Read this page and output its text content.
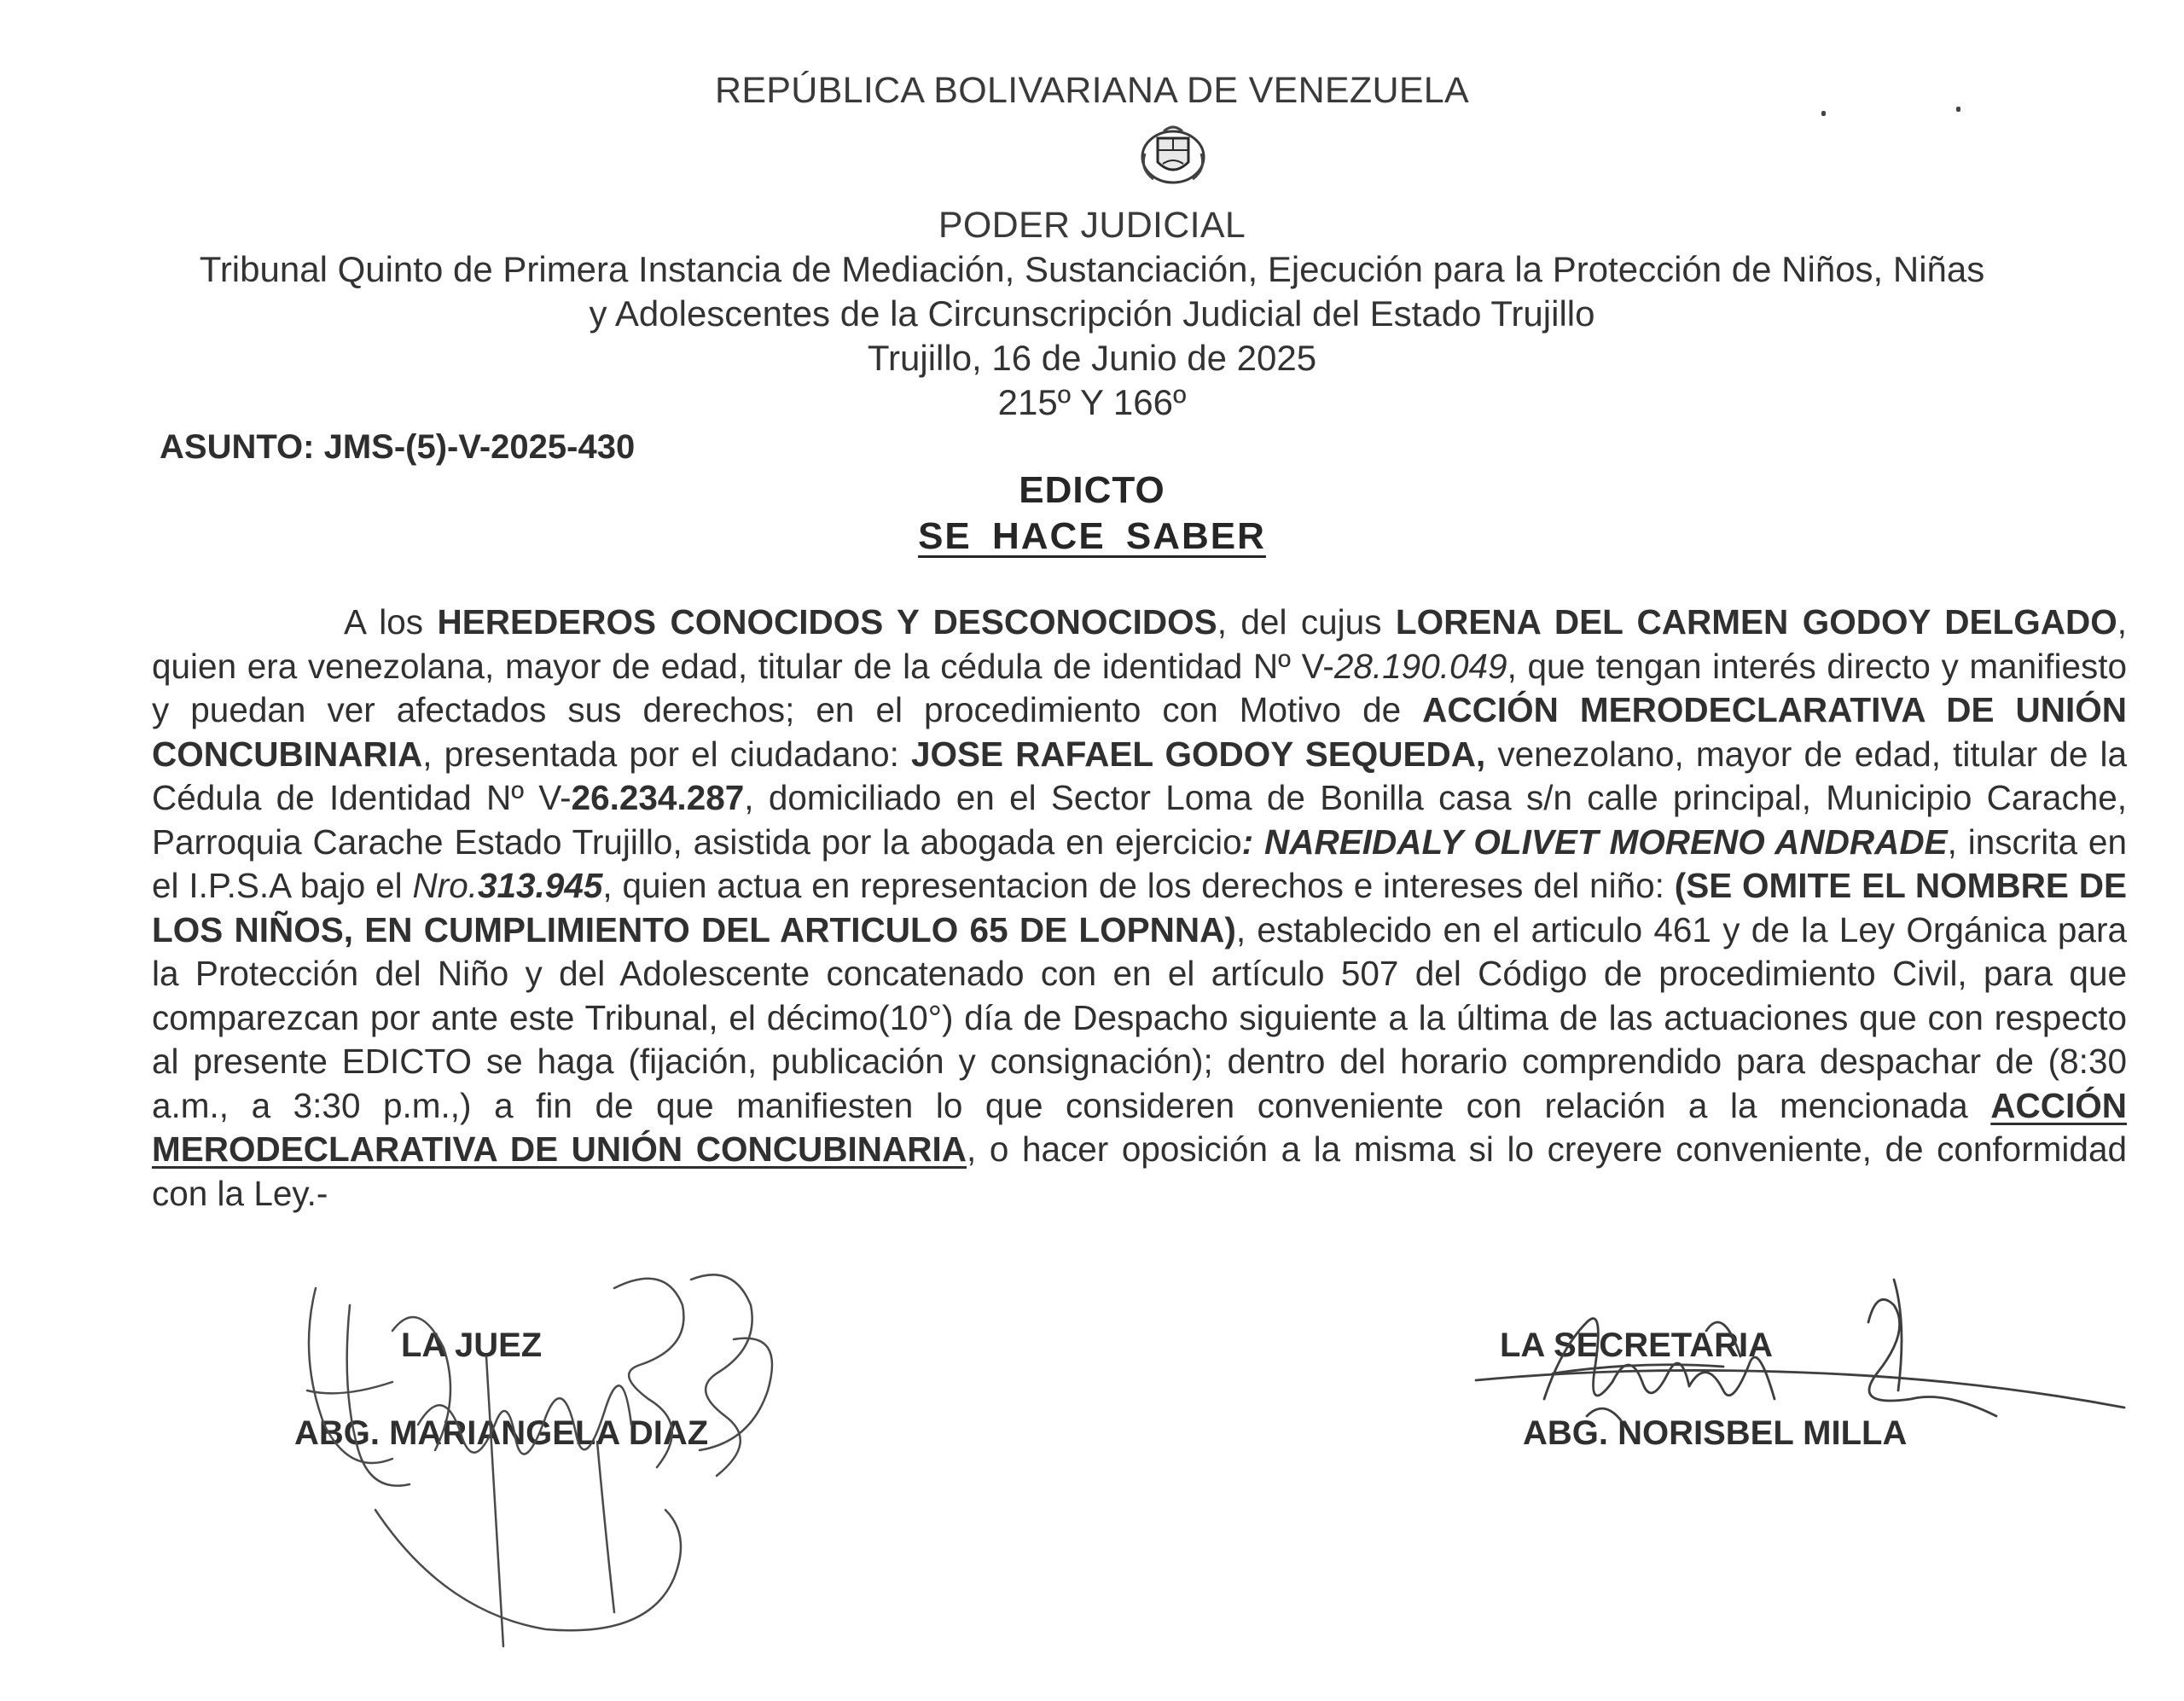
REPÚBLICA BOLIVARIANA DE VENEZUELA
PODER JUDICIAL
Tribunal Quinto de Primera Instancia de Mediación, Sustanciación, Ejecución para la Protección de Niños, Niñas
y Adolescentes de la Circunscripción Judicial del Estado Trujillo
Trujillo, 16 de Junio de 2025
215º Y 166º
ASUNTO: JMS-(5)-V-2025-430
EDICTO
SE HACE SABER
A los HEREDEROS CONOCIDOS Y DESCONOCIDOS, del cujus LORENA DEL CARMEN GODOY DELGADO, quien era venezolana, mayor de edad, titular de la cédula de identidad Nº V-28.190.049, que tengan interés directo y manifiesto y puedan ver afectados sus derechos; en el procedimiento con Motivo de ACCIÓN MERODECLARATIVA DE UNIÓN CONCUBINARIA, presentada por el ciudadano: JOSE RAFAEL GODOY SEQUEDA, venezolano, mayor de edad, titular de la Cédula de Identidad Nº V-26.234.287, domiciliado en el Sector Loma de Bonilla casa s/n calle principal, Municipio Carache, Parroquia Carache Estado Trujillo, asistida por la abogada en ejercicio: NAREIDALY OLIVET MORENO ANDRADE, inscrita en el I.P.S.A bajo el Nro.313.945, quien actua en representacion de los derechos e intereses del niño: (SE OMITE EL NOMBRE DE LOS NIÑOS, EN CUMPLIMIENTO DEL ARTICULO 65 DE LOPNNA), establecido en el articulo 461 y de la Ley Orgánica para la Protección del Niño y del Adolescente concatenado con en el artículo 507 del Código de procedimiento Civil, para que comparezcan por ante este Tribunal, el décimo(10°) día de Despacho siguiente a la última de las actuaciones que con respecto al presente EDICTO se haga (fijación, publicación y consignación); dentro del horario comprendido para despachar de (8:30 a.m., a 3:30 p.m.,) a fin de que manifiesten lo que consideren conveniente con relación a la mencionada ACCIÓN MERODECLARATIVA DE UNIÓN CONCUBINARIA, o hacer oposición a la misma si lo creyere conveniente, de conformidad con la Ley.-
LA JUEZ
ABG. MARIANGELA DIAZ
LA SECRETARIA
ABG. NORISBEL MILLA
